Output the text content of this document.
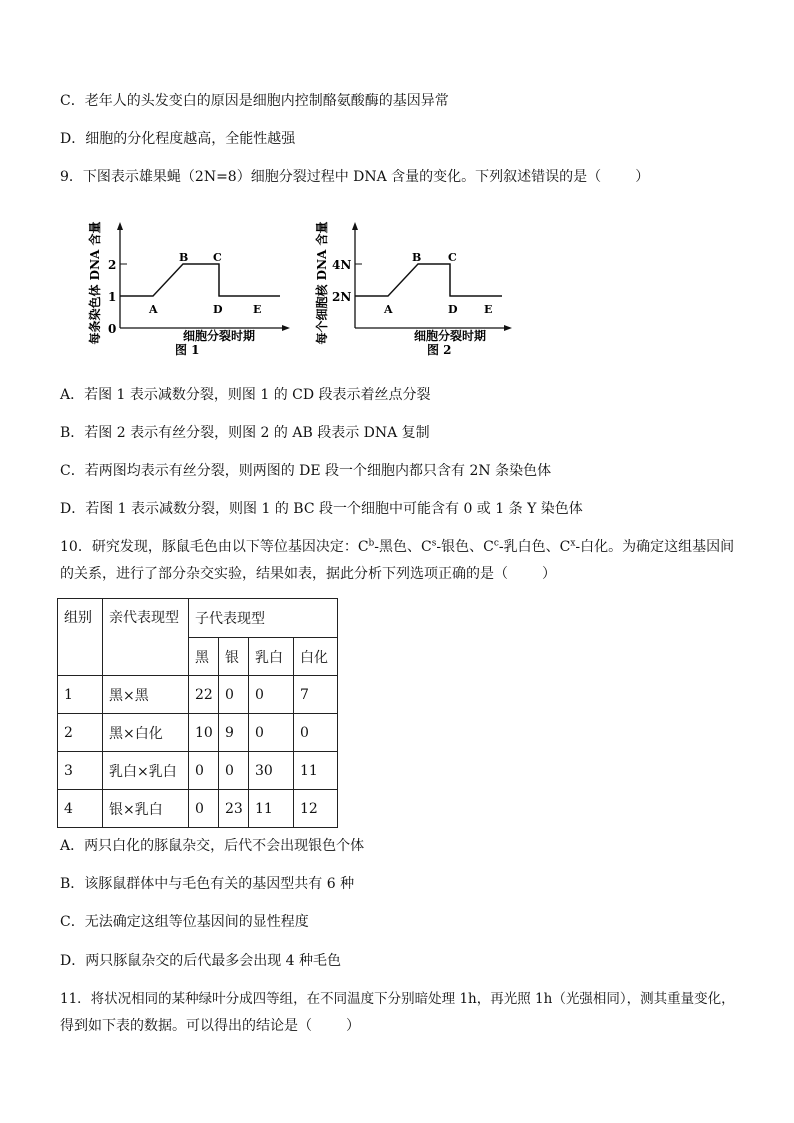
C．老年人的头发变白的原因是细胞内控制酪氨酸酶的基因异常
D．细胞的分化程度越高，全能性越强
9．下图表示雄果蝇（2N=8）细胞分裂过程中 DNA 含量的变化。下列叙述错误的是（ ）
每条染色体 DNA 含量 0
1
2
A
B C
D	E
细胞分裂时期
图 1
每个细胞核 DNA 含量 2N
4N
A
B C
D E
细胞分裂时期
图 2
A．若图 1 表示减数分裂，则图 1 的 CD 段表示着丝点分裂
B．若图 2 表示有丝分裂，则图 2 的 AB 段表示 DNA 复制
C．若两图均表示有丝分裂，则两图的 DE 段一个细胞内都只含有 2N 条染色体
D．若图 1 表示减数分裂，则图 1 的 BC 段一个细胞中可能含有 0 或 1 条 Y 染色体
10．研究发现，豚鼠毛色由以下等位基因决定：$C^b-$黑色、$C^s-$银色、$C^c-$乳白色、$C^x-$白化。为确定这组基因间
的关系，进行了部分杂交实验，结果如表，据此分析下列选项正确的是（ ）
组别	亲代表现型	子代表现型			
		黑	银	乳白	白化
1	黑×黑	22	0	0	7
2	黑×白化	10	9	0	0
3	乳白×乳白	0	0	30	11
4	银×乳白	0	23	11	12
A．两只白化的豚鼠杂交，后代不会出现银色个体
B．该豚鼠群体中与毛色有关的基因型共有 6 种
C．无法确定这组等位基因间的显性程度
D．两只豚鼠杂交的后代最多会出现 4 种毛色
11．将状况相同的某种绿叶分成四等组，在不同温度下分别暗处理 1h，再光照 1h（光强相同），测其重量变化，
得到如下表的数据。可以得出的结论是（ ）
